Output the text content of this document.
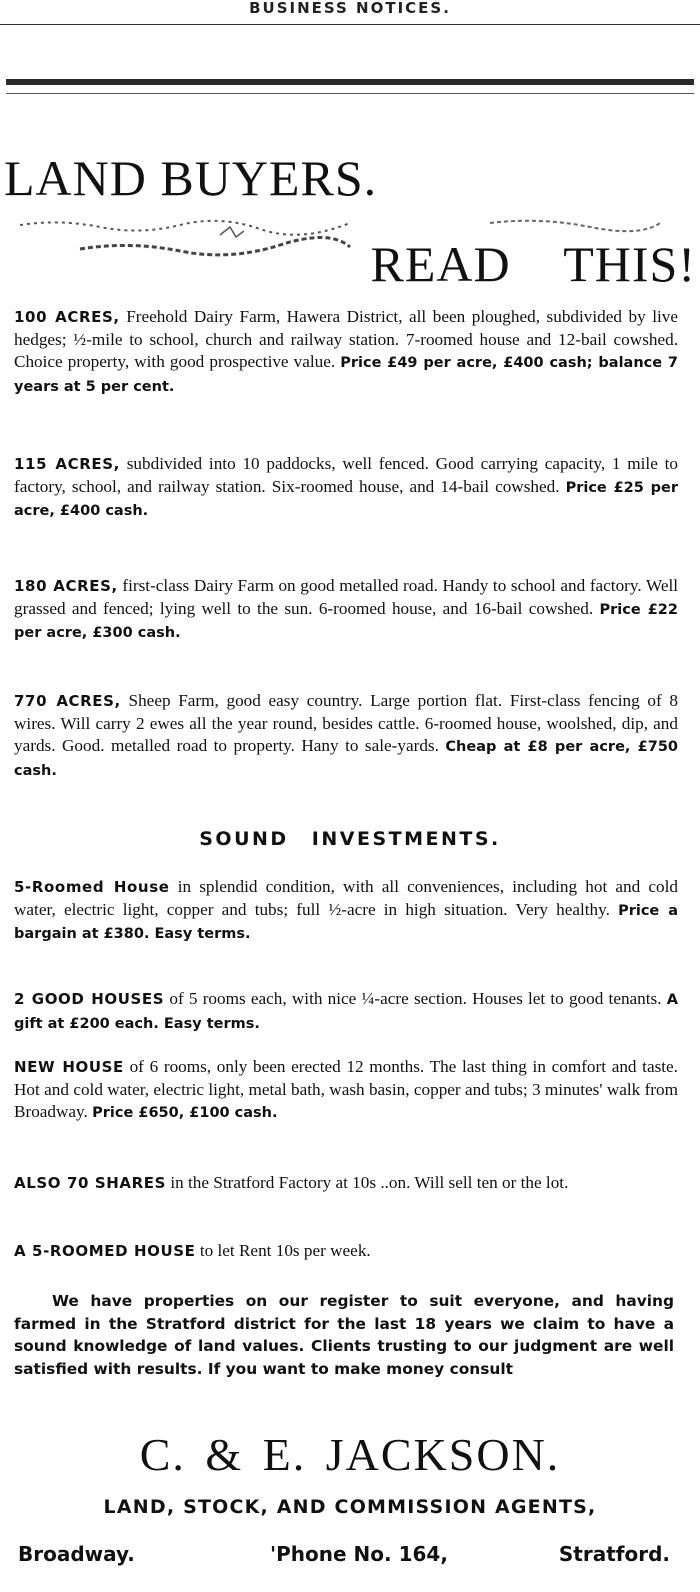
BUSINESS NOTICES.
LAND BUYERS.
READ THIS!
100 ACRES, Freehold Dairy Farm, Hawera District, all been ploughed, subdivided by live hedges; ½-mile to school, church and railway station. 7-roomed house and 12-bail cowshed. Choice property, with good prospective value. Price £49 per acre, £400 cash; balance 7 years at 5 per cent.
115 ACRES, subdivided into 10 paddocks, well fenced. Good carrying capacity, 1 mile to factory, school, and railway station. Six-roomed house, and 14-bail cowshed. Price £25 per acre, £400 cash.
180 ACRES, first-class Dairy Farm on good metalled road. Handy to school and factory. Well grassed and fenced; lying well to the sun. 6-roomed house, and 16-bail cowshed. Price £22 per acre, £300 cash.
770 ACRES, Sheep Farm, good easy country. Large portion flat. First-class fencing of 8 wires. Will carry 2 ewes all the year round, besides cattle. 6-roomed house, woolshed, dip, and yards. Good. metalled road to property. Hany to sale-yards. Cheap at £8 per acre, £750 cash.
SOUND INVESTMENTS.
5-Roomed House in splendid condition, with all conveniences, including hot and cold water, electric light, copper and tubs; full ½-acre in high situation. Very healthy. Price a bargain at £380. Easy terms.
2 GOOD HOUSES of 5 rooms each, with nice ¼-acre section. Houses let to good tenants. A gift at £200 each. Easy terms.
NEW HOUSE of 6 rooms, only been erected 12 months. The last thing in comfort and taste. Hot and cold water, electric light, metal bath, wash basin, copper and tubs; 3 minutes' walk from Broadway. Price £650, £100 cash.
ALSO 70 SHARES in the Stratford Factory at 10s ..on. Will sell ten or the lot.
A 5-ROOMED HOUSE to let Rent 10s per week.
We have properties on our register to suit everyone, and having farmed in the Stratford district for the last 18 years we claim to have a sound knowledge of land values. Clients trusting to our judgment are well satisfied with results. If you want to make money consult
C. & E. JACKSON.
LAND, STOCK, AND COMMISSION AGENTS,
Broadway.	'Phone No. 164,	Stratford.
